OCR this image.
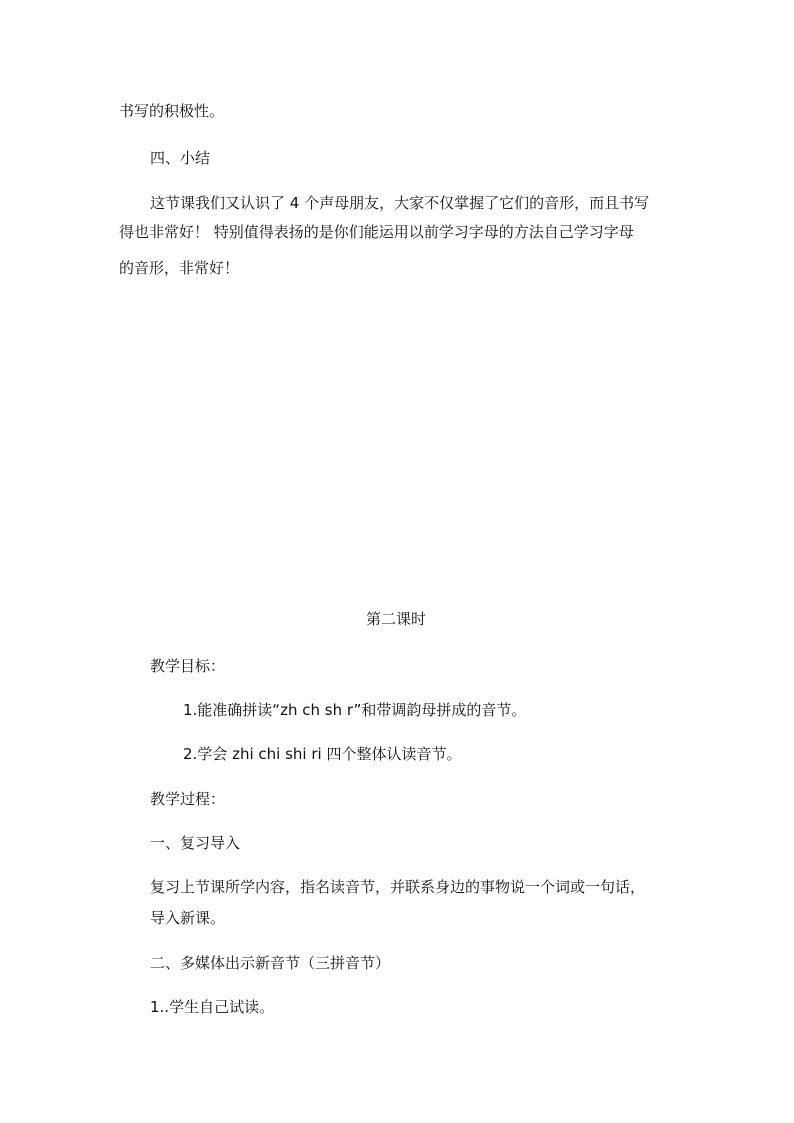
书写的积极性。
四、小结
这节课我们又认识了 4 个声母朋友，大家不仅掌握了它们的音形，而且书写
得也非常好！ 特别值得表扬的是你们能运用以前学习字母的方法自己学习字母
的音形，非常好！
第二课时
教学目标：
1.能准确拼读“zh ch sh r”和带调韵母拼成的音节。
2.学会 zhi chi shi ri 四个整体认读音节。
教学过程：
一、复习导入
复习上节课所学内容，指名读音节，并联系身边的事物说一个词或一句话，
导入新课。
二、多媒体出示新音节（三拼音节）
1..学生自己试读。
